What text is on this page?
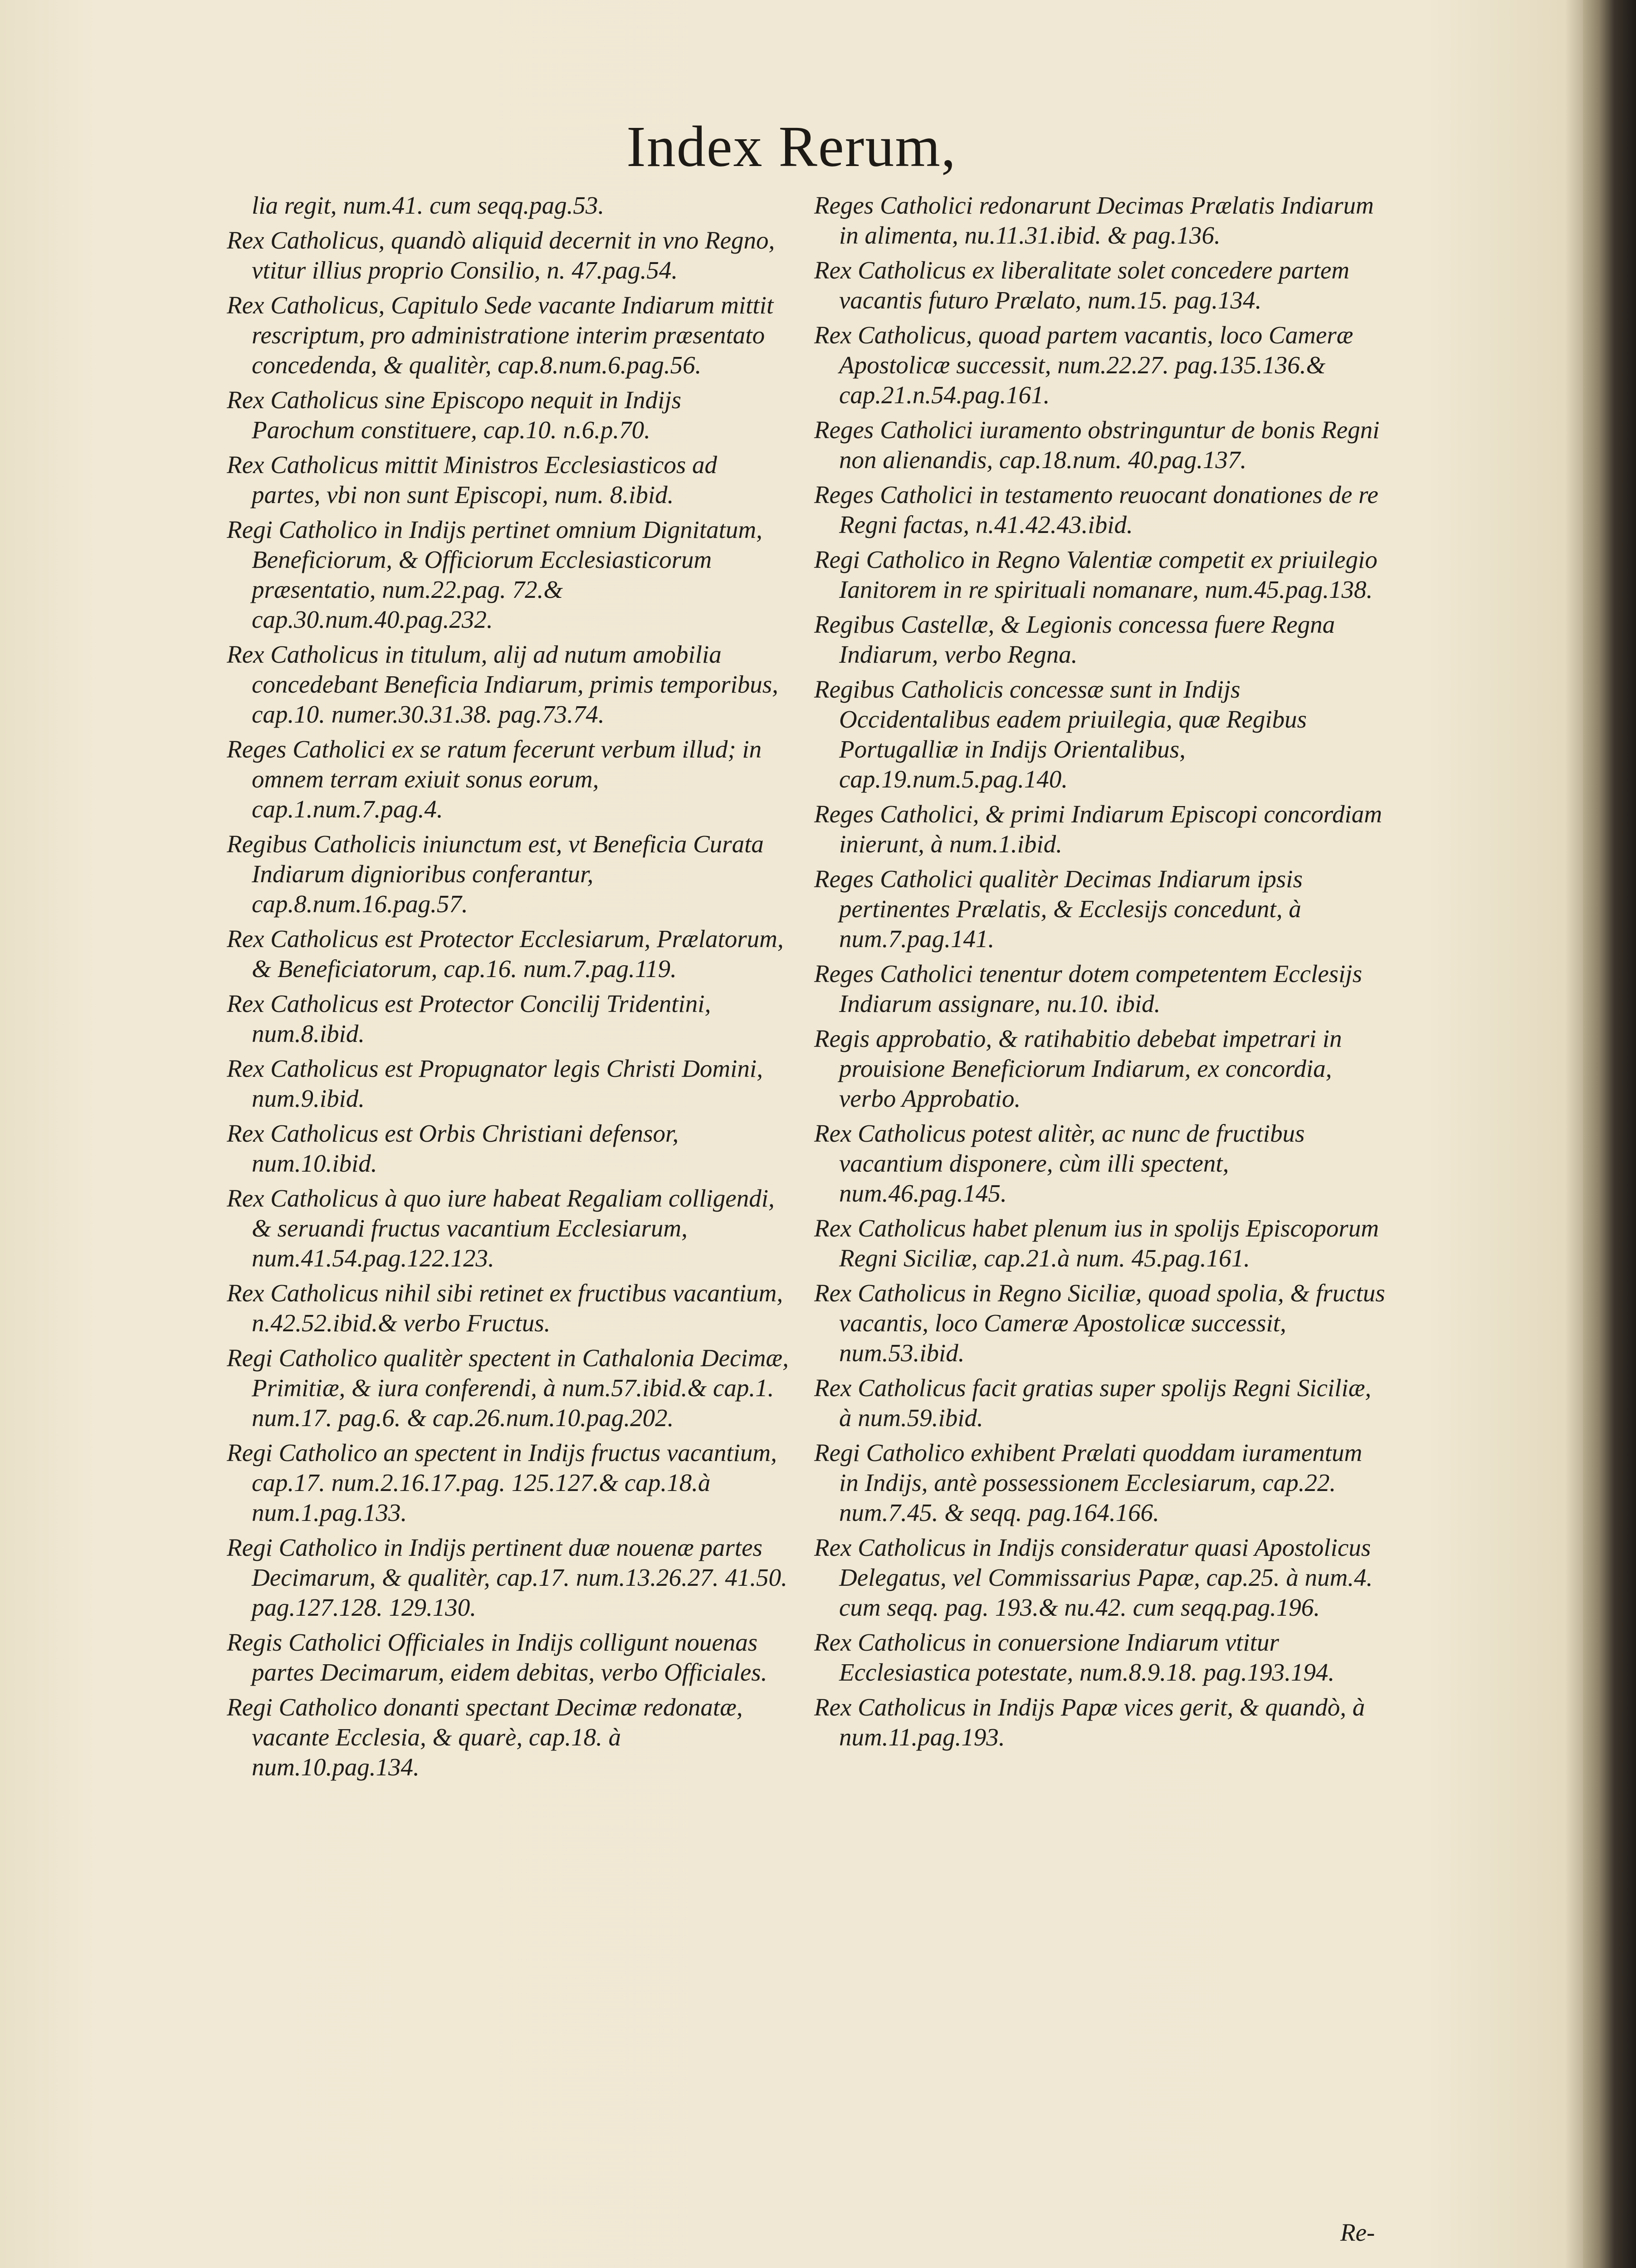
Index Rerum,

lia regit, num.41. cum seqq.pag.53.

Rex Catholicus, quandò aliquid decernit in vno Regno, vtitur illius proprio Consilio, n. 47.pag.54.

Rex Catholicus, Capitulo Sede vacante Indiarum mittit rescriptum, pro administratione interim præsentato concedenda, & qualitèr, cap.8.num.6.pag.56.

Rex Catholicus sine Episcopo nequit in Indijs Parochum constituere, cap.10. n.6.p.70.

Rex Catholicus mittit Ministros Ecclesiasticos ad partes, vbi non sunt Episcopi, num. 8.ibid.

Regi Catholico in Indijs pertinet omnium Dignitatum, Beneficiorum, & Officiorum Ecclesiasticorum præsentatio, num.22.pag. 72.& cap.30.num.40.pag.232.

Rex Catholicus in titulum, alij ad nutum amobilia concedebant Beneficia Indiarum, primis temporibus, cap.10. numer.30.31.38. pag.73.74.

Reges Catholici ex se ratum fecerunt verbum illud; in omnem terram exiuit sonus eorum, cap.1.num.7.pag.4.

Regibus Catholicis iniunctum est, vt Beneficia Curata Indiarum dignioribus conferantur, cap.8.num.16.pag.57.

Rex Catholicus est Protector Ecclesiarum, Prælatorum, & Beneficiatorum, cap.16. num.7.pag.119.

Rex Catholicus est Protector Concilij Tridentini, num.8.ibid.

Rex Catholicus est Propugnator legis Christi Domini, num.9.ibid.

Rex Catholicus est Orbis Christiani defensor, num.10.ibid.

Rex Catholicus à quo iure habeat Regaliam colligendi, & seruandi fructus vacantium Ecclesiarum, num.41.54.pag.122.123.

Rex Catholicus nihil sibi retinet ex fructibus vacantium, n.42.52.ibid.& verbo Fructus.

Regi Catholico qualitèr spectent in Cathalonia Decimæ, Primitiæ, & iura conferendi, à num.57.ibid.& cap.1. num.17. pag.6. & cap.26.num.10.pag.202.

Regi Catholico an spectent in Indijs fructus vacantium, cap.17. num.2.16.17.pag. 125.127.& cap.18.à num.1.pag.133.

Regi Catholico in Indijs pertinent duæ nouenæ partes Decimarum, & qualitèr, cap.17. num.13.26.27. 41.50. pag.127.128. 129.130.

Regis Catholici Officiales in Indijs colligunt nouenas partes Decimarum, eidem debitas, verbo Officiales.

Regi Catholico donanti spectant Decimæ redonatæ, vacante Ecclesia, & quarè, cap.18. à num.10.pag.134.

Reges Catholici redonarunt Decimas Prælatis Indiarum in alimenta, nu.11.31.ibid. & pag.136.

Rex Catholicus ex liberalitate solet concedere partem vacantis futuro Prælato, num.15. pag.134.

Rex Catholicus, quoad partem vacantis, loco Cameræ Apostolicæ successit, num.22.27. pag.135.136.& cap.21.n.54.pag.161.

Reges Catholici iuramento obstringuntur de bonis Regni non alienandis, cap.18.num. 40.pag.137.

Reges Catholici in testamento reuocant donationes de re Regni factas, n.41.42.43.ibid.

Regi Catholico in Regno Valentiæ competit ex priuilegio Ianitorem in re spirituali nomanare, num.45.pag.138.

Regibus Castellæ, & Legionis concessa fuere Regna Indiarum, verbo Regna.

Regibus Catholicis concessæ sunt in Indijs Occidentalibus eadem priuilegia, quæ Regibus Portugalliæ in Indijs Orientalibus, cap.19.num.5.pag.140.

Reges Catholici, & primi Indiarum Episcopi concordiam inierunt, à num.1.ibid.

Reges Catholici qualitèr Decimas Indiarum ipsis pertinentes Prælatis, & Ecclesijs concedunt, à num.7.pag.141.

Reges Catholici tenentur dotem competentem Ecclesijs Indiarum assignare, nu.10. ibid.

Regis approbatio, & ratihabitio debebat impetrari in prouisione Beneficiorum Indiarum, ex concordia, verbo Approbatio.

Rex Catholicus potest alitèr, ac nunc de fructibus vacantium disponere, cùm illi spectent, num.46.pag.145.

Rex Catholicus habet plenum ius in spolijs Episcoporum Regni Siciliæ, cap.21.à num. 45.pag.161.

Rex Catholicus in Regno Siciliæ, quoad spolia, & fructus vacantis, loco Cameræ Apostolicæ successit, num.53.ibid.

Rex Catholicus facit gratias super spolijs Regni Siciliæ, à num.59.ibid.

Regi Catholico exhibent Prælati quoddam iuramentum in Indijs, antè possessionem Ecclesiarum, cap.22. num.7.45. & seqq. pag.164.166.

Rex Catholicus in Indijs consideratur quasi Apostolicus Delegatus, vel Commissarius Papæ, cap.25. à num.4. cum seqq. pag. 193.& nu.42. cum seqq.pag.196.

Rex Catholicus in conuersione Indiarum vtitur Ecclesiastica potestate, num.8.9.18. pag.193.194.

Rex Catholicus in Indijs Papæ vices gerit, & quandò, à num.11.pag.193.

Re-
